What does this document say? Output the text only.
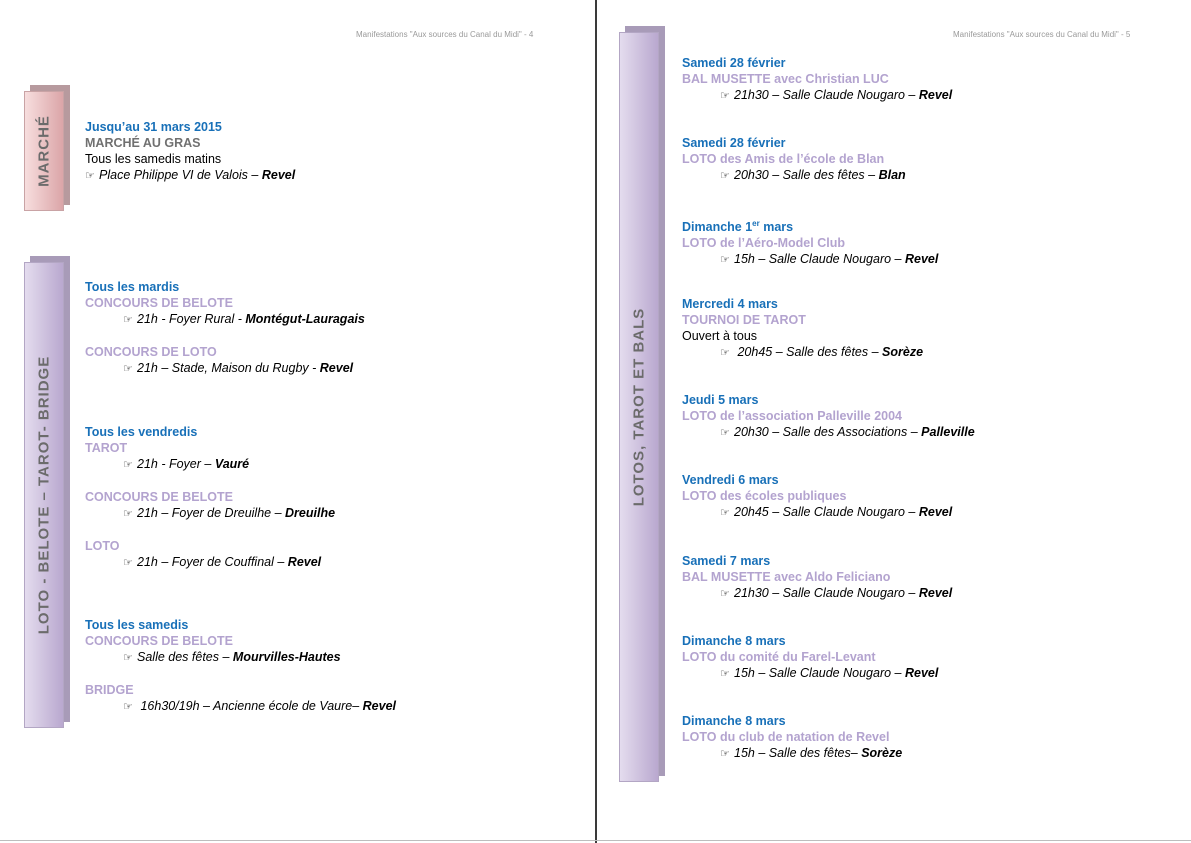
Manifestations "Aux sources du Canal du Midi" - 4
MARCHÉ
LOTO - BELOTE – TAROT- BRIDGE
Jusqu’au 31 mars 2015
MARCHÉ AU GRAS
Tous les samedis matins
☞ Place Philippe VI de Valois – Revel
Tous les mardis
CONCOURS DE BELOTE
☞ 21h - Foyer Rural - Montégut-Lauragais
CONCOURS DE LOTO
☞ 21h – Stade, Maison du Rugby - Revel
Tous les vendredis
TAROT
☞ 21h - Foyer – Vauré
CONCOURS DE BELOTE
☞ 21h – Foyer de Dreuilhe – Dreuilhe
LOTO
☞ 21h – Foyer de Couffinal – Revel
Tous les samedis
CONCOURS DE BELOTE
☞ Salle des fêtes – Mourvilles-Hautes
BRIDGE
☞ 16h30/19h – Ancienne école de Vaure– Revel
Manifestations "Aux sources du Canal du Midi" - 5
LOTOS, TAROT ET BALS
Samedi 28 février
BAL MUSETTE avec Christian LUC
☞ 21h30 – Salle Claude Nougaro – Revel
Samedi 28 février
LOTO des Amis de l’école de Blan
☞ 20h30 – Salle des fêtes – Blan
Dimanche 1er mars
LOTO de l’Aéro-Model Club
☞ 15h – Salle Claude Nougaro – Revel
Mercredi 4 mars
TOURNOI DE TAROT
Ouvert à tous
☞ 20h45 – Salle des fêtes – Sorèze
Jeudi 5 mars
LOTO de l’association Palleville 2004
☞ 20h30 – Salle des Associations – Palleville
Vendredi 6 mars
LOTO des écoles publiques
☞ 20h45 – Salle Claude Nougaro – Revel
Samedi 7 mars
BAL MUSETTE avec Aldo Feliciano
☞ 21h30 – Salle Claude Nougaro – Revel
Dimanche 8 mars
LOTO du comité du Farel-Levant
☞ 15h – Salle Claude Nougaro – Revel
Dimanche 8 mars
LOTO du club de natation de Revel
☞ 15h – Salle des fêtes– Sorèze
